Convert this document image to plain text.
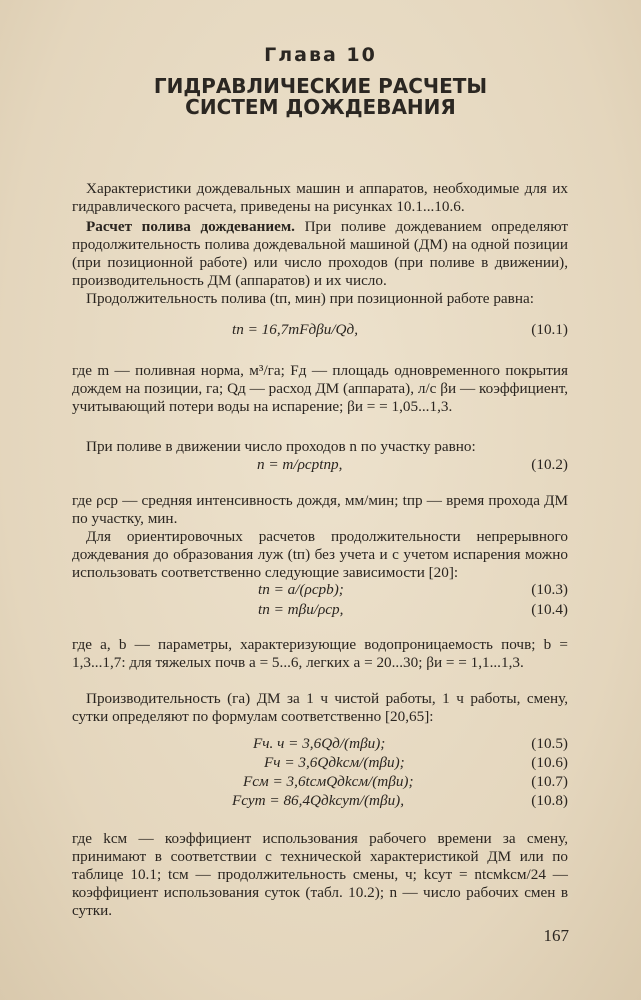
Глава 10
ГИДРАВЛИЧЕСКИЕ РАСЧЕТЫ
СИСТЕМ ДОЖДЕВАНИЯ

Характеристики дождевальных машин и аппаратов, необходимые для их гидравлического расчета, приведены на рисунках 10.1...10.6.

Расчет полива дождеванием. При поливе дождеванием определяют продолжительность полива дождевальной машиной (ДМ) на одной позиции (при позиционной работе) или число проходов (при поливе в движении), производительность ДМ (аппаратов) и их число.

Продолжительность полива (tп, мин) при позиционной работе равна:

tп = 16,7mFдβи/Qд,	(10.1)

где m — поливная норма, м³/га; Fд — площадь одновременного покрытия дождем на позиции, га; Qд — расход ДМ (аппарата), л/с βи — коэффициент, учитывающий потери воды на испарение; βи = = 1,05...1,3.

При поливе в движении число проходов n по участку равно:

n = m/ρсрtпр,	(10.2)

где ρср — средняя интенсивность дождя, мм/мин; tпр — время прохода ДМ по участку, мин.

Для ориентировочных расчетов продолжительности непрерывного дождевания до образования луж (tп) без учета и с учетом испарения можно использовать соответственно следующие зависимости [20]:

tп = a/(ρсрb);	(10.3)
tп = mβи/ρср,	(10.4)

где a, b — параметры, характеризующие водопроницаемость почв; b = 1,3...1,7: для тяжелых почв a = 5...6, легких a = 20...30; βи = = 1,1...1,3.

Производительность (га) ДМ за 1 ч чистой работы, 1 ч работы, смену, сутки определяют по формулам соответственно [20,65]:

Fч. ч = 3,6Qд/(mβи);	(10.5)
Fч = 3,6Qдkсм/(mβи);	(10.6)
Fсм = 3,6tсмQдkсм/(mβи);	(10.7)
Fсут = 86,4Qдkсут/(mβи),	(10.8)

где kсм — коэффициент использования рабочего времени за смену, принимают в соответствии с технической характеристикой ДМ или по таблице 10.1; tсм — продолжительность смены, ч; kсут = ntсмkсм/24 — коэффициент использования суток (табл. 10.2); n — число рабочих смен в сутки.

167
